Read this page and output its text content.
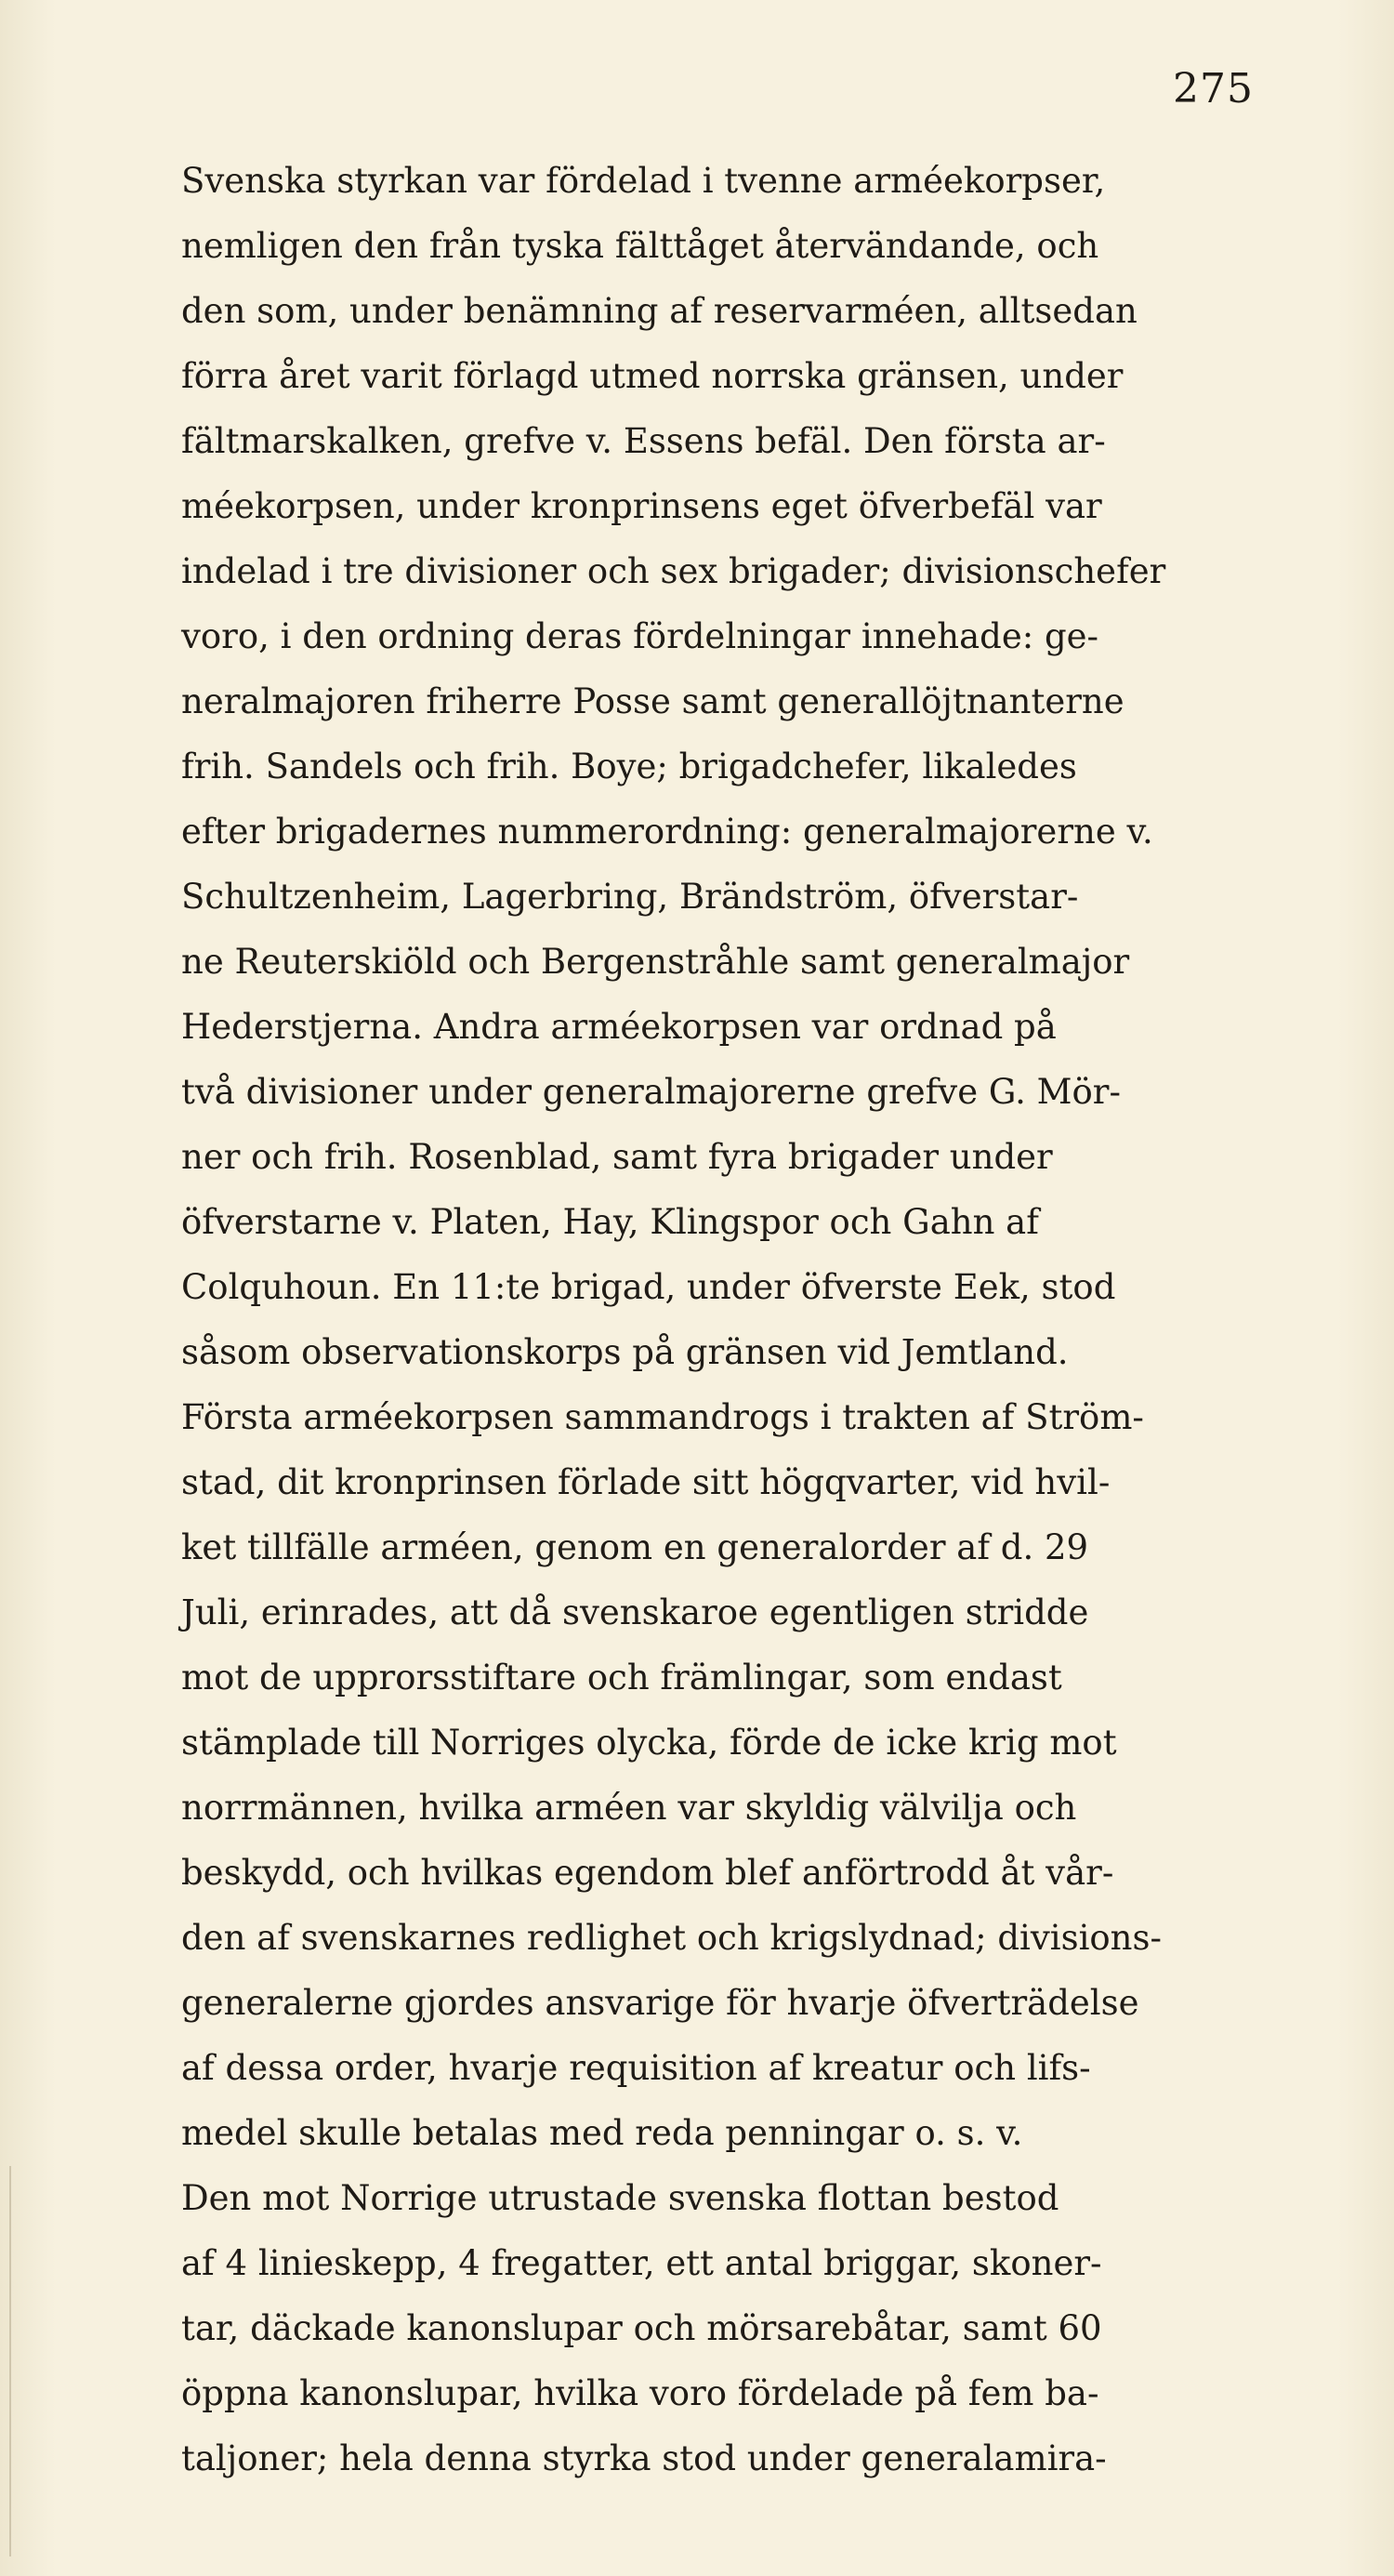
275
Svenska styrkan var fördelad i tvenne arméekorpser,
nemligen den från tyska fälttåget återvändande, och
den som, under benämning af reservarméen, alltsedan
förra året varit förlagd utmed norrska gränsen, under
fältmarskalken, grefve v. Essens befäl. Den första ar-
méekorpsen, under kronprinsens eget öfverbefäl var
indelad i tre divisioner och sex brigader; divisionschefer
voro, i den ordning deras fördelningar innehade: ge-
neralmajoren friherre Posse samt generallöjtnanterne
frih. Sandels och frih. Boye; brigadchefer, likaledes
efter brigadernes nummerordning: generalmajorerne v.
Schultzenheim, Lagerbring, Brändström, öfverstar-
ne Reuterskiöld och Bergenstråhle samt generalmajor
Hederstjerna. Andra arméekorpsen var ordnad på
två divisioner under generalmajorerne grefve G. Mör-
ner och frih. Rosenblad, samt fyra brigader under
öfverstarne v. Platen, Hay, Klingspor och Gahn af
Colquhoun. En 11:te brigad, under öfverste Eek, stod
såsom observationskorps på gränsen vid Jemtland.
Första arméekorpsen sammandrogs i trakten af Ström-
stad, dit kronprinsen förlade sitt högqvarter, vid hvil-
ket tillfälle arméen, genom en generalorder af d. 29
Juli, erinrades, att då svenskaroe egentligen stridde
mot de upprorsstiftare och främlingar, som endast
stämplade till Norriges olycka, förde de icke krig mot
norrmännen, hvilka arméen var skyldig välvilja och
beskydd, och hvilkas egendom blef anförtrodd åt vår-
den af svenskarnes redlighet och krigslydnad; divisions-
generalerne gjordes ansvarige för hvarje öfverträdelse
af dessa order, hvarje requisition af kreatur och lifs-
medel skulle betalas med reda penningar o. s. v.
Den mot Norrige utrustade svenska flottan bestod
af 4 linieskepp, 4 fregatter, ett antal briggar, skoner-
tar, däckade kanonslupar och mörsarebåtar, samt 60
öppna kanonslupar, hvilka voro fördelade på fem ba-
taljoner; hela denna styrka stod under generalamira-
